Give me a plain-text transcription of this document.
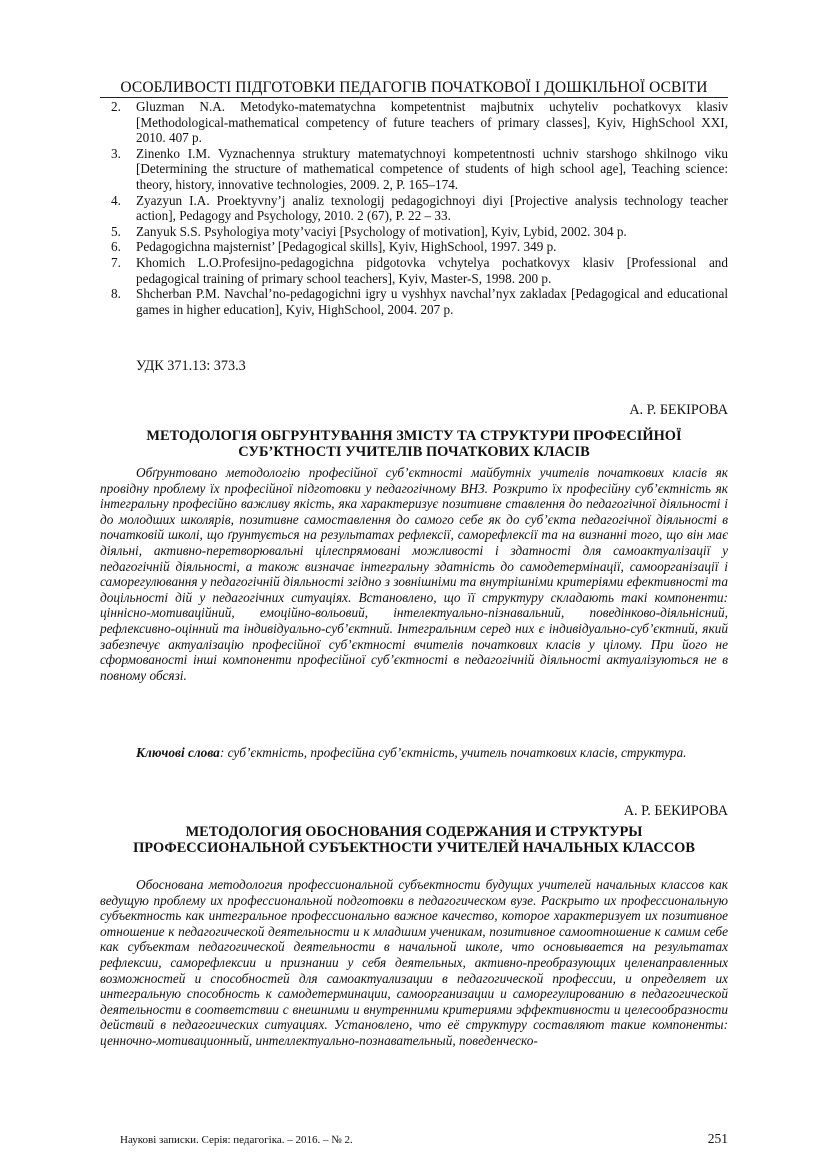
ОСОБЛИВОСТІ ПІДГОТОВКИ ПЕДАГОГІВ ПОЧАТКОВОЇ І ДОШКІЛЬНОЇ ОСВІТИ
2. Gluzman N.A. Metodyko-matematychna kompetentnist majbutnix uchyteliv pochatkovyx klasiv [Methodological-mathematical competency of future teachers of primary classes], Kyiv, HighSchool XXI, 2010. 407 p.
3. Zinenko I.M. Vyznachennya struktury matematychnoyi kompetentnosti uchniv starshogo shkilnogo viku [Determining the structure of mathematical competence of students of high school age], Teaching science: theory, history, innovative technologies, 2009. 2, P. 165–174.
4. Zyazyun I.A. Proektyvny’j analiz texnologij pedagogichnoyi diyi [Projective analysis technology teacher action], Pedagogy and Psychology, 2010. 2 (67), P. 22 – 33.
5. Zanyuk S.S. Psyhologiya moty’vaciyi [Psychology of motivation], Kyiv, Lybid, 2002. 304 p.
6. Pedagogichna majsternist’ [Pedagogical skills], Kyiv, HighSchool, 1997. 349 p.
7. Khomich L.O.Profesijno-pedagogichna pidgotovka vchytelya pochatkovyx klasiv [Professional and pedagogical training of primary school teachers], Kyiv, Master-S, 1998. 200 p.
8. Shcherban P.M. Navchal’no-pedagogichni igry u vyshhyx navchal’nyx zakladax [Pedagogical and educational games in higher education], Kyiv, HighSchool, 2004. 207 p.
УДК 371.13: 373.3
А. Р. БЕКІРОВА
МЕТОДОЛОГІЯ ОБГРУНТУВАННЯ ЗМІСТУ ТА СТРУКТУРИ ПРОФЕСІЙНОЇ СУБ’КТНОСТІ УЧИТЕЛІВ ПОЧАТКОВИХ КЛАСІВ

Обґрунтовано методологію професійної суб’єктності майбутніх учителів початкових класів як провідну проблему їх професійної підготовки у педагогічному ВНЗ. Розкрито їх професійну суб’єктність як інтегральну професійно важливу якість, яка характеризує позитивне ставлення до педагогічної діяльності і до молодших школярів, позитивне самоставлення до самого себе як до суб’єкта педагогічної діяльності в початковій школі, що ґрунтується на результатах рефлексії, саморефлексії та на визнанні того, що він має діяльні, активно-перетворювальні цілеспрямовані можливості і здатності для самоактуалізації у педагогічній діяльності, а також визначає інтегральну здатність до самодетермінації, самоорганізації і саморегулювання у педагогічній діяльності згідно з зовнішніми та внутрішніми критеріями ефективності та доцільності дій у педагогічних ситуаціях. Встановлено, що її структуру складають такі компоненти: ціннісно-мотиваційний, емоційно-вольовий, інтелектуально-пізнавальний, поведінково-діяльнісний, рефлексивно-оцінний та індивідуально-суб’єктний. Інтегральним серед них є індивідуально-суб’єктний, який забезпечує актуалізацію професійної суб’єктності вчителів початкових класів у цілому. При його не сформованості інші компоненти професійної суб’єктності в педагогічній діяльності актуалізуються не в повному обсязі.

Ключові слова: суб’єктність, професійна суб’єктність, учитель початкових класів, структура.

А. Р. БЕКИРОВА
МЕТОДОЛОГИЯ ОБОСНОВАНИЯ СОДЕРЖАНИЯ И СТРУКТУРЫ ПРОФЕССИОНАЛЬНОЙ СУБЪЕКТНОСТИ УЧИТЕЛЕЙ НАЧАЛЬНЫХ КЛАССОВ

Обоснована методология профессиональной субъектности будущих учителей начальных классов как ведущую проблему их профессиональной подготовки в педагогическом вузе. Раскрыто их профессиональную субъектность как интегральное профессионально важное качество, которое характеризует их позитивное отношение к педагогической деятельности и к младшим ученикам, позитивное самоотношение к самим себе как субъектам педагогической деятельности в начальной школе, что основывается на результатах рефлексии, саморефлексии и признании у себя деятельных, активно-преобразующих целенаправленных возможностей и способностей для самоактуализации в педагогической профессии, и определяет их интегральную способность к самодетерминации, самоорганизации и саморегулированию в педагогической деятельности в соответствии с внешними и внутренними критериями эффективности и целесообразности действий в педагогических ситуациях. Установлено, что её структуру составляют такие компоненты: ценночно-мотивационный, интеллектуально-познавательный, поведенческо-

Наукові записки. Серія: педагогіка. – 2016. – № 2.	251
